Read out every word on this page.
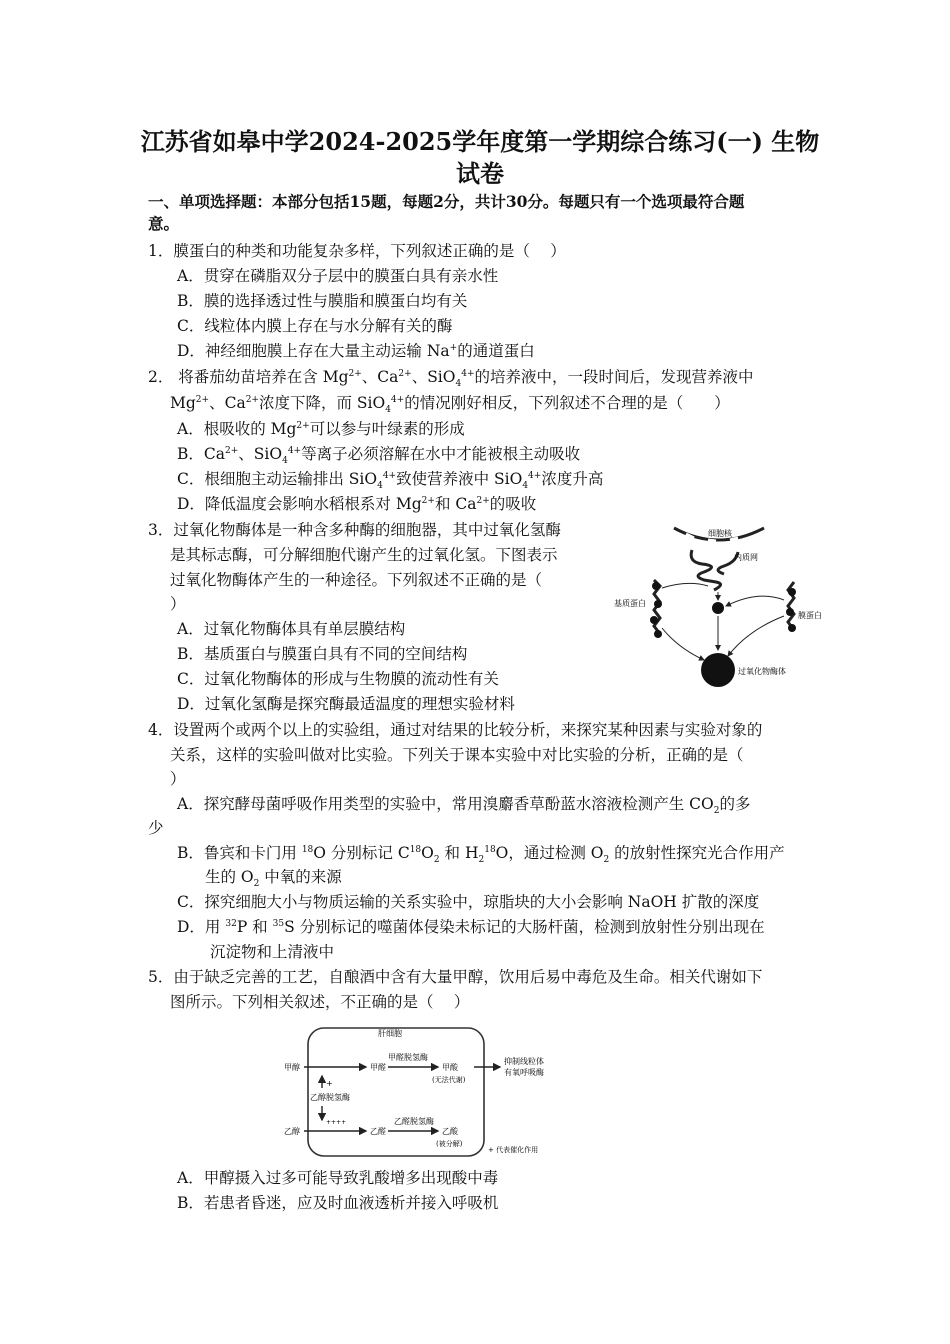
江苏省如皋中学2024-2025学年度第一学期综合练习(一) 生物试卷
一、单项选择题：本部分包括15题，每题2分，共计30分。每题只有一个选项最符合题
意。
1．膜蛋白的种类和功能复杂多样，下列叙述正确的是（　 ）
A．贯穿在磷脂双分子层中的膜蛋白具有亲水性
B．膜的选择透过性与膜脂和膜蛋白均有关
C．线粒体内膜上存在与水分解有关的酶
D．神经细胞膜上存在大量主动运输 Na+的通道蛋白
2． 将番茄幼苗培养在含 $Mg^{2+}$、$Ca^{2+}$、SiO$_4^{4+}$的培养液中，一段时间后，发现营养液中
$Mg^{2+}$、$Ca^{2+}$浓度下降，而 SiO$_4^{4+}$的情况刚好相反，下列叙述不合理的是（　　）
A．根吸收的 $Mg^{2+}$可以参与叶绿素的形成
B．$Ca^{2+}$、SiO$_4^{4+}$等离子必须溶解在水中才能被根主动吸收
C．根细胞主动运输排出 SiO$_4^{4+}$致使营养液中 SiO$_4^{4+}$浓度升高
D．降低温度会影响水稻根系对 $Mg^{2+}$和 $Ca^{2+}$的吸收
3．过氧化物酶体是一种含多种酶的细胞器，其中过氧化氢酶
是其标志酶，可分解细胞代谢产生的过氧化氢。下图表示
过氧化物酶体产生的一种途径。下列叙述不正确的是（
）
A．过氧化物酶体具有单层膜结构
B．基质蛋白与膜蛋白具有不同的空间结构
C．过氧化物酶体的形成与生物膜的流动性有关
D．过氧化氢酶是探究酶最适温度的理想实验材料
细胞核
内质网
基质蛋白
膜蛋白
过氧化物酶体
4．设置两个或两个以上的实验组，通过对结果的比较分析，来探究某种因素与实验对象的
关系，这样的实验叫做对比实验。下列关于课本实验中对比实验的分析，正确的是（
）
A．探究酵母菌呼吸作用类型的实验中，常用溴麝香草酚蓝水溶液检测产生 $CO_2$的多
少
B．鲁宾和卡门用 $^{18}$O 分别标记 $C^{18}O_2$ 和 $H_2^{18}O$，通过检测 $O_2$ 的放射性探究光合作用产
生的 $O_2$ 中氧的来源
C．探究细胞大小与物质运输的关系实验中，琼脂块的大小会影响 NaOH 扩散的深度
D．用 $^{32}$P 和 $^{35}$S 分别标记的噬菌体侵染未标记的大肠杆菌，检测到放射性分别出现在
沉淀物和上清液中
5．由于缺乏完善的工艺，自酿酒中含有大量甲醇，饮用后易中毒危及生命。相关代谢如下
图所示。下列相关叙述，不正确的是（　 ）
肝细胞
甲醇	甲醛
甲醛脱氢酶
甲酸
(无法代谢)
抑制线粒体
有氧呼吸酶
+
乙醇脱氢酶
++++
乙醇	乙醛
乙醛脱氢酶
乙酸
(被分解)
+ 代表催化作用
A．甲醇摄入过多可能导致乳酸增多出现酸中毒
B．若患者昏迷，应及时血液透析并接入呼吸机
